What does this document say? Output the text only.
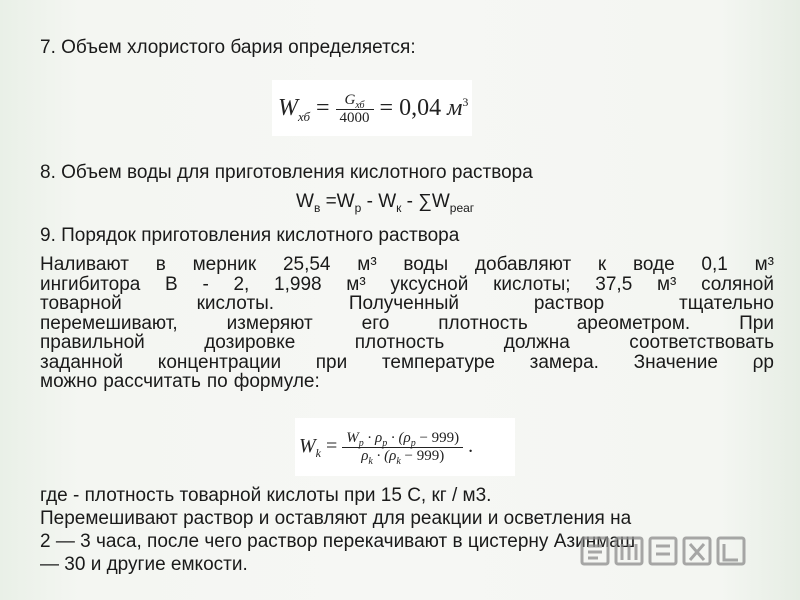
7. Объем хлористого бария определяется:
$W_{хб} = \frac{G_{хб}}{4000} = 0,04$ $м^3$
8. Объем воды для приготовления кислотного раствора
$W_в =W_р - W_к - \sum W_{реаг}$
9. Порядок приготовления кислотного раствора
Наливают в мерник 25,54 м³ воды добавляют к воде 0,1 м³
ингибитора В - 2, 1,998 м³ уксусной кислоты; 37,5 м³ соляной
товарной	кислоты.	Полученный	раствор	тщательно
перемешивают,	измеряют	его	плотность	ареометром.	При
правильной	дозировке	плотность	должна	соответствовать
заданной концентрации при температуре замера. Значение ρр
можно рассчитать по формуле:
$W_k = \frac{W_p \cdot \rho_p \cdot (\rho_p - 999)}{\rho_k \cdot (\rho_k - 999)}$ .
где - плотность товарной кислоты при 15 С, кг / м3.
Перемешивают раствор и оставляют для реакции и осветления на
2 — 3 часа, после чего раствор перекачивают в цистерну Азинмаш
— 30 и другие емкости.
